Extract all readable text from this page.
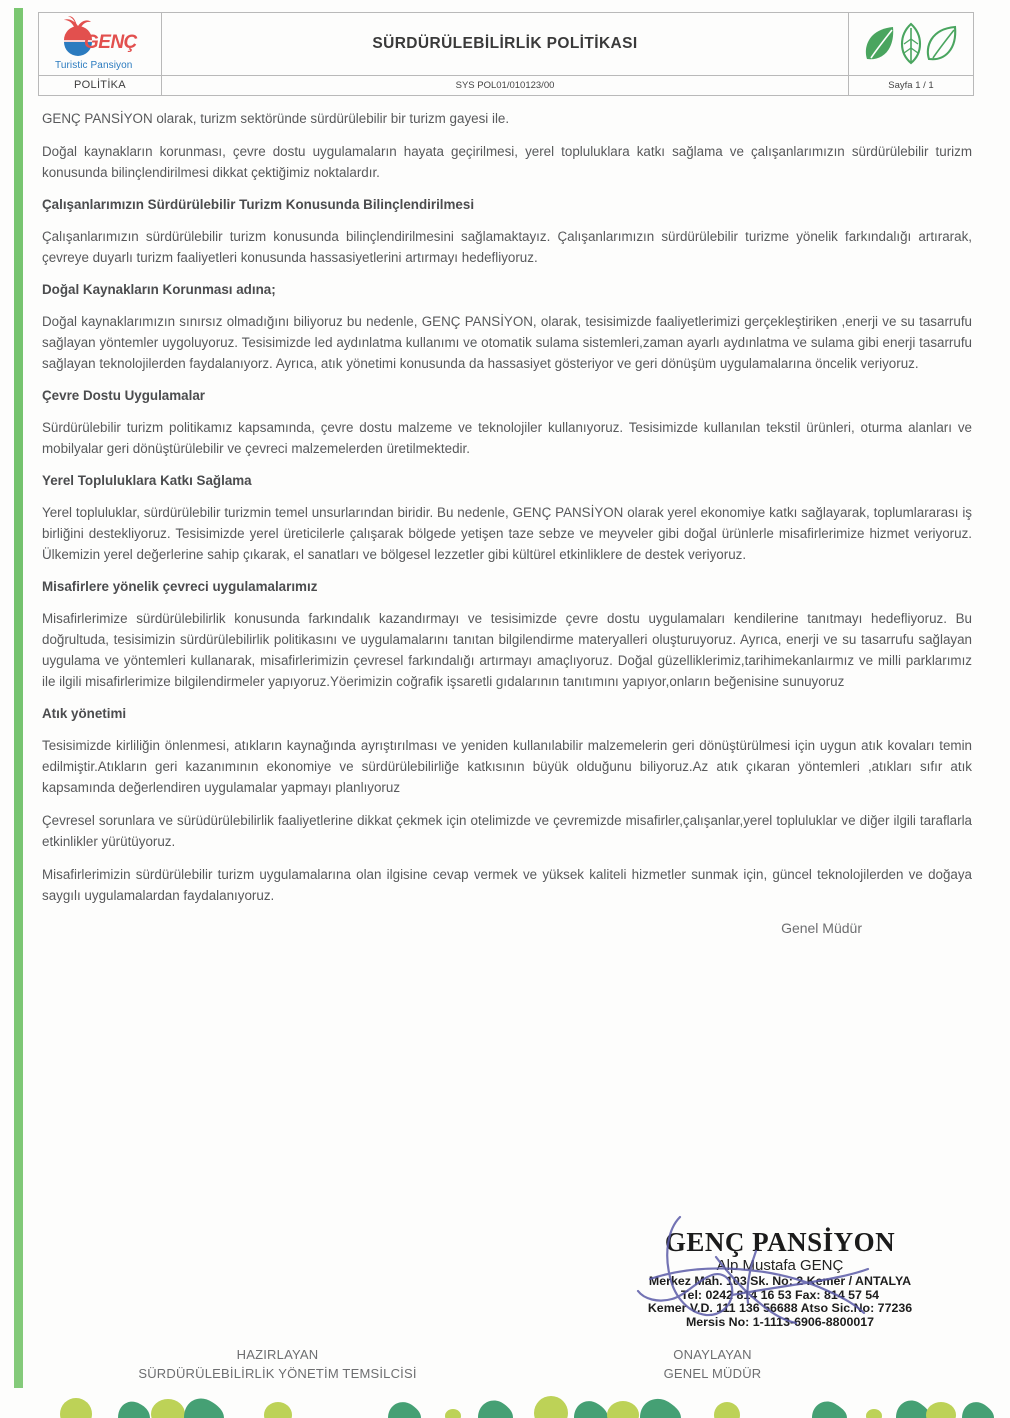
GENÇ
Turistic Pansiyon
SÜRDÜRÜLEBİLİRLİK POLİTİKASI
POLİTİKA	SYS POL01/010123/00	Sayfa 1 / 1

GENÇ PANSİYON olarak, turizm sektöründe sürdürülebilir bir turizm gayesi ile.

Doğal kaynakların korunması, çevre dostu uygulamaların hayata geçirilmesi, yerel topluluklara katkı sağlama ve çalışanlarımızın sürdürülebilir turizm konusunda bilinçlendirilmesi dikkat çektiğimiz noktalardır.

Çalışanlarımızın Sürdürülebilir Turizm Konusunda Bilinçlendirilmesi

Çalışanlarımızın sürdürülebilir turizm konusunda bilinçlendirilmesini sağlamaktayız. Çalışanlarımızın sürdürülebilir turizme yönelik farkındalığı artırarak, çevreye duyarlı turizm faaliyetleri konusunda hassasiyetlerini artırmayı hedefliyoruz.

Doğal Kaynakların Korunması adına;

Doğal kaynaklarımızın sınırsız olmadığını biliyoruz bu nedenle, GENÇ PANSİYON, olarak, tesisimizde faaliyetlerimizi gerçekleştiriken ,enerji ve su tasarrufu sağlayan yöntemler uygoluyoruz. Tesisimizde led aydınlatma kullanımı ve otomatik sulama sistemleri,zaman ayarlı aydınlatma ve sulama gibi enerji tasarrufu sağlayan teknolojilerden faydalanıyorz. Ayrıca, atık yönetimi konusunda da hassasiyet gösteriyor ve geri dönüşüm uygulamalarına öncelik veriyoruz.

Çevre Dostu Uygulamalar

Sürdürülebilir turizm politikamız kapsamında, çevre dostu malzeme ve teknolojiler kullanıyoruz. Tesisimizde kullanılan tekstil ürünleri, oturma alanları ve mobilyalar geri dönüştürülebilir ve çevreci malzemelerden üretilmektedir.

Yerel Topluluklara Katkı Sağlama

Yerel topluluklar, sürdürülebilir turizmin temel unsurlarından biridir. Bu nedenle, GENÇ PANSİYON olarak yerel ekonomiye katkı sağlayarak, toplumlararası iş birliğini destekliyoruz. Tesisimizde yerel üreticilerle çalışarak bölgede yetişen taze sebze ve meyveler gibi doğal ürünlerle misafirlerimize hizmet veriyoruz. Ülkemizin yerel değerlerine sahip çıkarak, el sanatları ve bölgesel lezzetler gibi kültürel etkinliklere de destek veriyoruz.

Misafirlere yönelik çevreci uygulamalarımız

Misafirlerimize sürdürülebilirlik konusunda farkındalık kazandırmayı ve tesisimizde çevre dostu uygulamaları kendilerine tanıtmayı hedefliyoruz. Bu doğrultuda, tesisimizin sürdürülebilirlik politikasını ve uygulamalarını tanıtan bilgilendirme materyalleri oluşturuyoruz. Ayrıca, enerji ve su tasarrufu sağlayan uygulama ve yöntemleri kullanarak, misafirlerimizin çevresel farkındalığı artırmayı amaçlıyoruz. Doğal güzelliklerimiz,tarihimekanlaırmız ve milli parklarımız ile ilgili misafirlerimize bilgilendirmeler yapıyoruz.Yöerimizin coğrafik işsaretli gıdalarının tanıtımını yapıyor,onların beğenisine sunuyoruz

Atık yönetimi

Tesisimizde kirliliğin önlenmesi, atıkların kaynağında ayrıştırılması ve yeniden kullanılabilir malzemelerin geri dönüştürülmesi için uygun atık kovaları temin edilmiştir.Atıkların geri kazanımının ekonomiye ve sürdürülebilirliğe katkısının büyük olduğunu biliyoruz.Az atık çıkaran yöntemleri ,atıkları sıfır atık kapsamında değerlendiren uygulamalar yapmayı planlıyoruz

Çevresel sorunlara ve sürüdürülebilirlik faaliyetlerine dikkat çekmek için otelimizde ve çevremizde misafirler,çalışanlar,yerel topluluklar ve diğer ilgili taraflarla etkinlikler yürütüyoruz.

Misafirlerimizin sürdürülebilir turizm uygulamalarına olan ilgisine cevap vermek ve yüksek kaliteli hizmetler sunmak için, güncel teknolojilerden ve doğaya saygılı uygulamalardan faydalanıyoruz.

Genel Müdür
GENÇ PANSİYON
Alp Mustafa GENÇ
Merkez Mah. 103 Sk. No: 2 Kemer / ANTALYA
Tel: 0242 814 16 53 Fax: 814 57 54
Kemer V.D. 111 136 56688 Atso Sic.No: 77236
Mersis No: 1-1113-6906-8800017
HAZIRLAYAN
SÜRDÜRÜLEBİLİRLİK YÖNETİM TEMSİLCİSİ
ONAYLAYAN
GENEL MÜDÜR
